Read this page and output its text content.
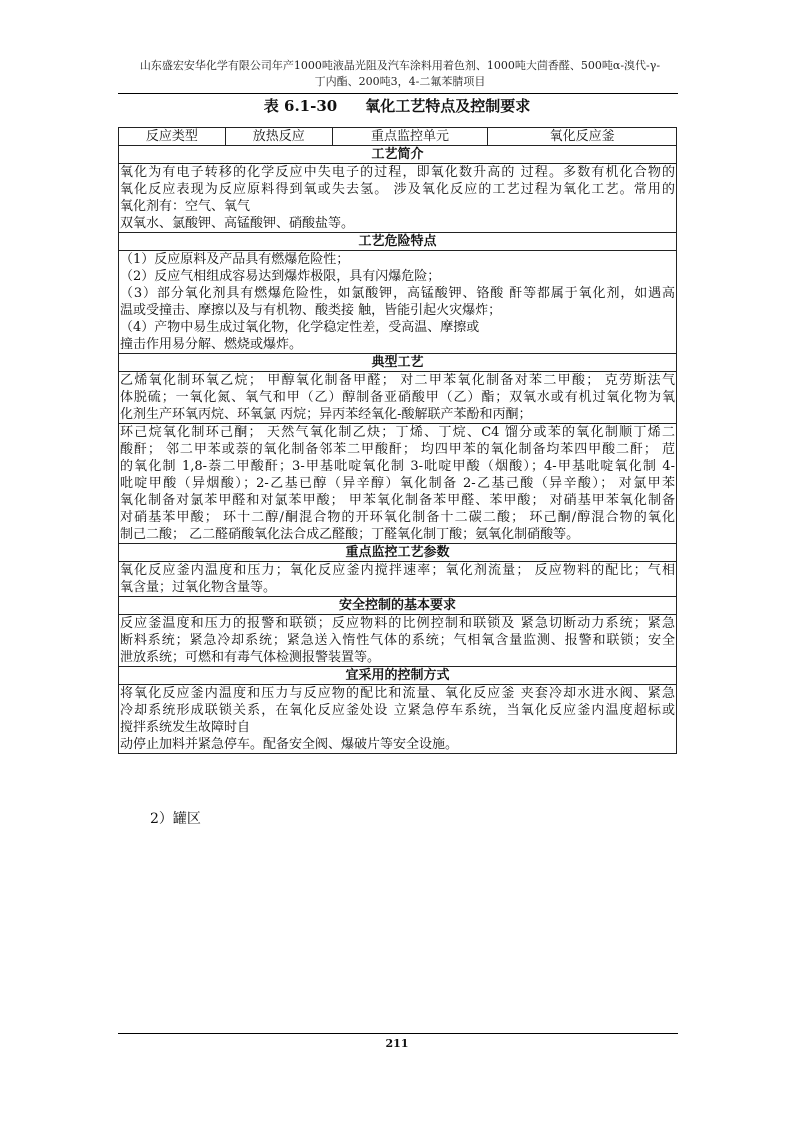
山东盛宏安华化学有限公司年产1000吨液晶光阻及汽车涂料用着色剂、1000吨大茴香醛、500吨α-溴代-γ-
丁内酯、200吨3，4-二氟苯腈项目
表 6.1-30 氧化工艺特点及控制要求
反应类型	放热反应	重点监控单元	氧化反应釜
工艺简介

氧化为有电子转移的化学反应中失电子的过程，即氧化数升高的 过程。多数有机化合物的
氧化反应表现为反应原料得到氧或失去氢。 涉及氧化反应的工艺过程为氧化工艺。常用的
氧化剂有：空气、氧气
双氧水、氯酸钾、高锰酸钾、硝酸盐等。

工艺危险特点

（1）反应原料及产品具有燃爆危险性；
（2）反应气相组成容易达到爆炸极限，具有闪爆危险；
（3）部分氧化剂具有燃爆危险性，如氯酸钾，高锰酸钾、铬酸 酐等都属于氧化剂，如遇高
温或受撞击、摩擦以及与有机物、酸类接 触，皆能引起火灾爆炸；
（4）产物中易生成过氧化物，化学稳定性差，受高温、摩擦或
撞击作用易分解、燃烧或爆炸。

典型工艺

乙烯氧化制环氧乙烷； 甲醇氧化制备甲醛； 对二甲苯氧化制备对苯二甲酸； 克劳斯法气
体脱硫；一氧化氮、氧气和甲（乙）醇制备亚硝酸甲（乙）酯；双氧水或有机过氧化物为氧
化剂生产环氧丙烷、环氧氯 丙烷；异丙苯经氧化-酸解联产苯酚和丙酮；

环己烷氧化制环己酮； 天然气氧化制乙炔；丁烯、丁烷、C4 馏分或苯的氧化制顺丁烯二
酸酐； 邻二甲苯或萘的氧化制备邻苯二甲酸酐； 均四甲苯的氧化制备均苯四甲酸二酐； 苊
的氧化制 1,8-萘二甲酸酐；3-甲基吡啶氧化制 3-吡啶甲酸（烟酸）；4-甲基吡啶氧化制 4-
吡啶甲酸（异烟酸）；2-乙基已醇（异辛醇）氧化制备 2-乙基己酸（异辛酸）； 对氯甲苯
氧化制备对氯苯甲醛和对氯苯甲酸； 甲苯氧化制备苯甲醛、苯甲酸； 对硝基甲苯氧化制备
对硝基苯甲酸； 环十二醇/酮混合物的开环氧化制备十二碳二酸； 环己酮/醇混合物的氧化
制己二酸； 乙二醛硝酸氧化法合成乙醛酸；丁醛氧化制丁酸；氨氧化制硝酸等。

重点监控工艺参数

氧化反应釜内温度和压力；氧化反应釜内搅拌速率；氧化剂流量； 反应物料的配比；气相
氧含量；过氧化物含量等。

安全控制的基本要求

反应釜温度和压力的报警和联锁；反应物料的比例控制和联锁及 紧急切断动力系统；紧急
断料系统；紧急冷却系统；紧急送入惰性气体的系统；气相氧含量监测、报警和联锁；安全
泄放系统；可燃和有毒气体检测报警装置等。

宜采用的控制方式

将氧化反应釜内温度和压力与反应物的配比和流量、氧化反应釜 夹套冷却水进水阀、紧急
冷却系统形成联锁关系，在氧化反应釜处设 立紧急停车系统，当氧化反应釜内温度超标或
搅拌系统发生故障时自
动停止加料并紧急停车。配备安全阀、爆破片等安全设施。
2）罐区
211
